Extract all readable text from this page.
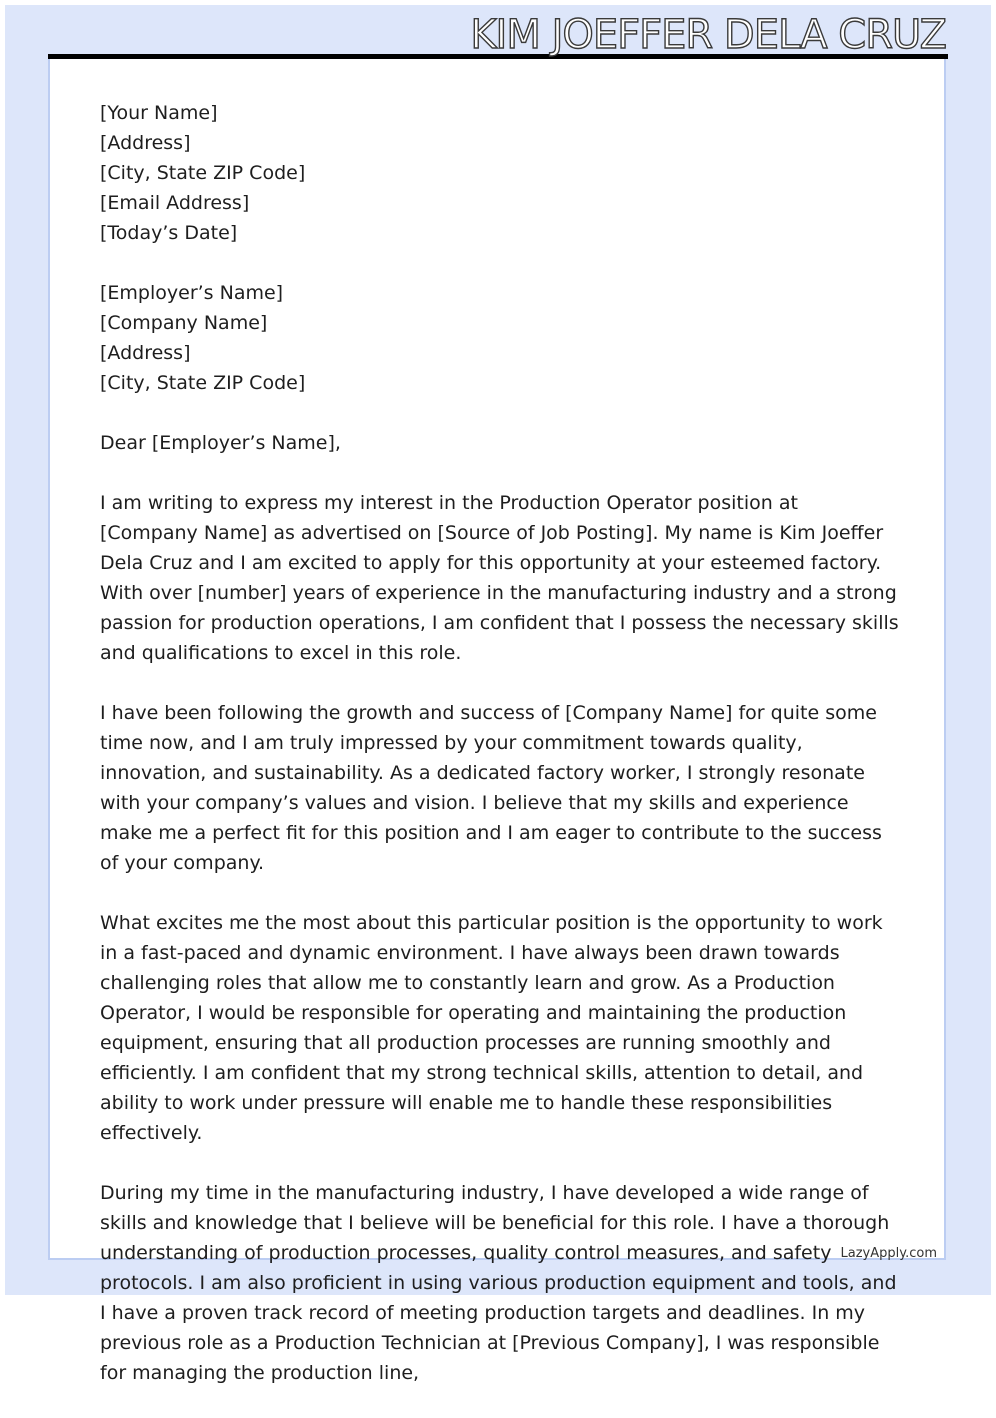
KIM JOEFFER DELA CRUZ

[Your Name]
[Address]
[City, State ZIP Code]
[Email Address]
[Today’s Date]

[Employer’s Name]
[Company Name]
[Address]
[City, State ZIP Code]

Dear [Employer’s Name],

I am writing to express my interest in the Production Operator position at [Company Name] as advertised on [Source of Job Posting]. My name is Kim Joeffer Dela Cruz and I am excited to apply for this opportunity at your esteemed factory. With over [number] years of experience in the manufacturing industry and a strong passion for production operations, I am confident that I possess the necessary skills and qualifications to excel in this role.

I have been following the growth and success of [Company Name] for quite some time now, and I am truly impressed by your commitment towards quality, innovation, and sustainability. As a dedicated factory worker, I strongly resonate with your company’s values and vision. I believe that my skills and experience make me a perfect fit for this position and I am eager to contribute to the success of your company.

What excites me the most about this particular position is the opportunity to work in a fast-paced and dynamic environment. I have always been drawn towards challenging roles that allow me to constantly learn and grow. As a Production Operator, I would be responsible for operating and maintaining the production equipment, ensuring that all production processes are running smoothly and efficiently. I am confident that my strong technical skills, attention to detail, and ability to work under pressure will enable me to handle these responsibilities effectively.

During my time in the manufacturing industry, I have developed a wide range of skills and knowledge that I believe will be beneficial for this role. I have a thorough understanding of production processes, quality control measures, and safety protocols. I am also proficient in using various production equipment and tools, and I have a proven track record of meeting production targets and deadlines. In my previous role as a Production Technician at [Previous Company], I was responsible for managing the production line,

LazyApply.com
